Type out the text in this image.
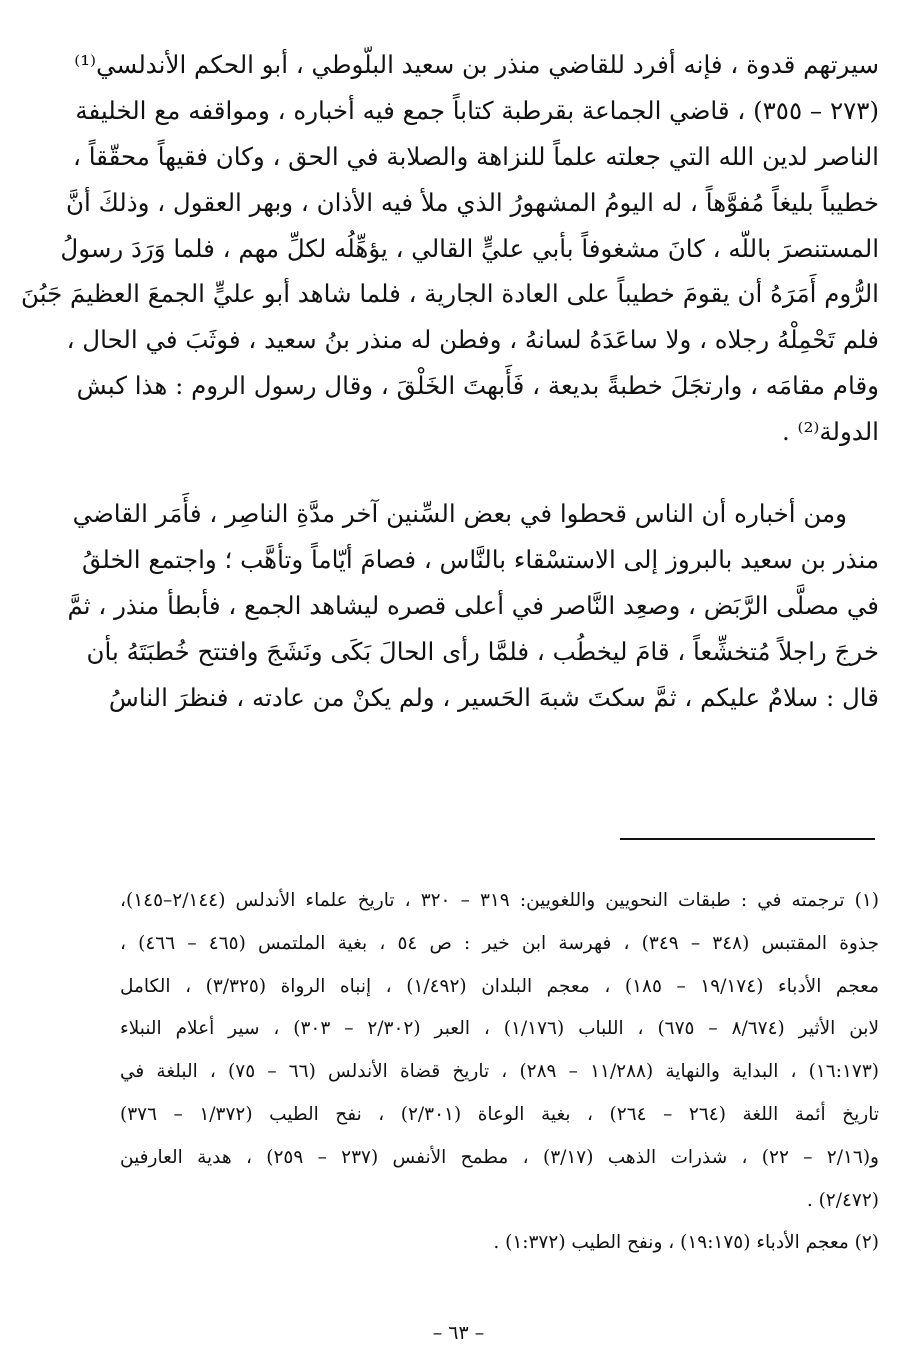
سيرتهم قدوة ، فإنه أفرد للقاضي منذر بن سعيد البلّوطي ، أبو الحكم الأندلسي⁽¹⁾
(٢٧٣ – ٣٥٥) ، قاضي الجماعة بقرطبة كتاباً جمع فيه أخباره ، ومواقفه مع الخليفة
الناصر لدين الله التي جعلته علماً للنزاهة والصلابة في الحق ، وكان فقيهاً محقّقاً ،
خطيباً بليغاً مُفوَّهاً ، له اليومُ المشهورُ الذي ملأ فيه الأذان ، وبهر العقول ، وذلكَ أنَّ
المستنصرَ باللّه ، كانَ مشغوفاً بأبي عليٍّ القالي ، يؤهِّلُه لكلِّ مهم ، فلما وَرَدَ رسولُ
الرُّوم أَمَرَهُ أن يقومَ خطيباً على العادة الجارية ، فلما شاهد أبو عليٍّ الجمعَ العظيمَ جَبُنَ
فلم تَحْمِلْهُ رجلاه ، ولا ساعَدَهُ لسانهُ ، وفطن له منذر بنُ سعيد ، فوثَبَ في الحال ،
وقام مقامَه ، وارتجَلَ خطبةً بديعة ، فَأَبهتَ الخَلْقَ ، وقال رسول الروم : هذا كبش
الدولة⁽²⁾ .
ومن أخباره أن الناس قحطوا في بعض السِّنين آخر مدَّةِ الناصِر ، فأَمَر القاضي
منذر بن سعيد بالبروز إلى الاستسْقاء بالنَّاس ، فصامَ أيّاماً وتأهَّب ؛ واجتمع الخلقُ
في مصلَّى الرَّبَض ، وصعِد النَّاصر في أعلى قصره ليشاهد الجمع ، فأبطأ منذر ، ثمَّ
خرجَ راجلاً مُتخشِّعاً ، قامَ ليخطُب ، فلمَّا رأى الحالَ بَكَى ونَشَجَ وافتتح خُطبَتَهُ بأن
قال : سلامٌ عليكم ، ثمَّ سكتَ شبهَ الحَسير ، ولم يكنْ من عادته ، فنظرَ الناسُ
(١) ترجمته في : طبقات النحويين واللغويين: ٣١٩ – ٣٢٠ ، تاريخ علماء الأندلس (٢/١٤٤–١٤٥)،
جذوة المقتبس (٣٤٨ – ٣٤٩) ، فهرسة ابن خير : ص ٥٤ ، بغية الملتمس (٤٦٥ – ٤٦٦) ،
معجم الأدباء (١٩/١٧٤ – ١٨٥) ، معجم البلدان (١/٤٩٢) ، إنباه الرواة (٣/٣٢٥) ، الكامل
لابن الأثير (٨/٦٧٤ – ٦٧٥) ، اللباب (١/١٧٦) ، العبر (٢/٣٠٢ – ٣٠٣) ، سير أعلام النبلاء
(١٦:١٧٣) ، البداية والنهاية (١١/٢٨٨ – ٢٨٩) ، تاريخ قضاة الأندلس (٦٦ – ٧٥) ، البلغة في
تاريخ أئمة اللغة (٢٦٤ – ٢٦٤) ، بغية الوعاة (٢/٣٠١) ، نفح الطيب (١/٣٧٢ – ٣٧٦)
و(٢/١٦ – ٢٢) ، شذرات الذهب (٣/١٧) ، مطمح الأنفس (٢٣٧ – ٢٥٩) ، هدية العارفين
(٢/٤٧٢) .
(٢) معجم الأدباء (١٩:١٧٥) ، ونفح الطيب (١:٣٧٢) .
– ٦٣ –
